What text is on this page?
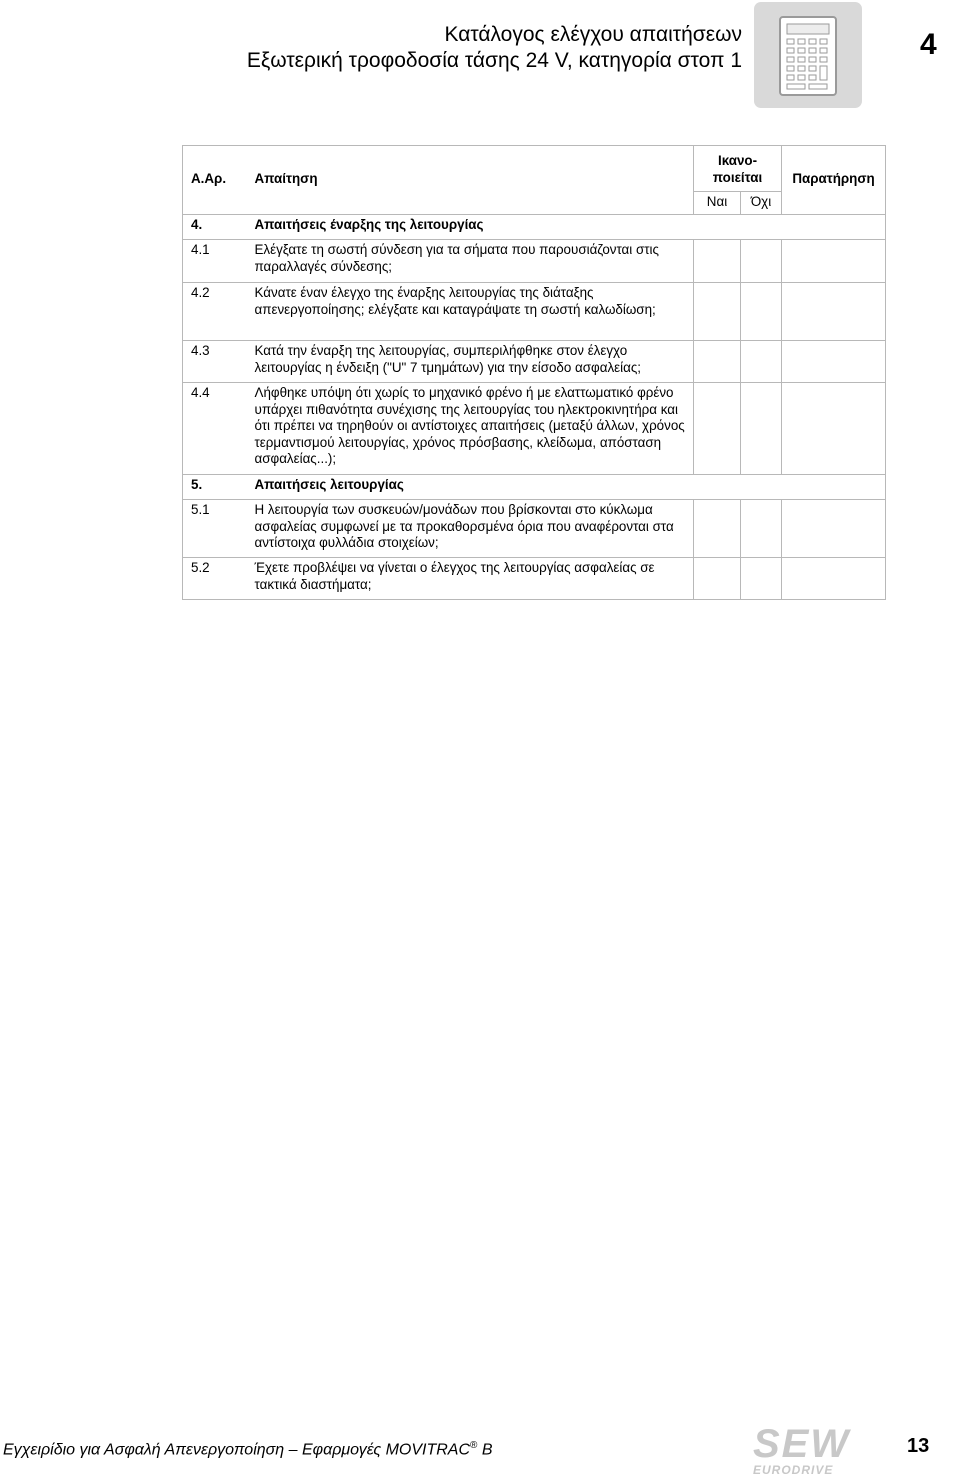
Κατάλογος ελέγχου απαιτήσεων
Εξωτερική τροφοδοσία τάσης 24 V, κατηγορία στοπ 1	4
A.Αρ.	Απαίτηση	Ικανο-ποιείται		Παρατήρηση
		Ναι	Όχι	
4.	Απαιτήσεις έναρξης της λειτουργίας			
4.1	Ελέγξατε τη σωστή σύνδεση για τα σήματα που παρουσιάζονται στις παραλλαγές σύνδεσης;			
4.2	Κάνατε έναν έλεγχο της έναρξης λειτουργίας της διάταξης απενεργοποίησης; ελέγξατε και καταγράψατε τη σωστή καλωδίωση;			
4.3	Κατά την έναρξη της λειτουργίας, συμπεριλήφθηκε στον έλεγχο λειτουργίας η ένδειξη ("U" 7 τμημάτων) για την είσοδο ασφαλείας;			
4.4	Λήφθηκε υπόψη ότι χωρίς το μηχανικό φρένο ή με ελαττωματικό φρένο υπάρχει πιθανότητα συνέχισης της λειτουργίας του ηλεκτροκινητήρα και ότι πρέπει να τηρηθούν οι αντίστοιχες απαιτήσεις (μεταξύ άλλων, χρόνος τερμαντισμού λειτουργίας, χρόνος πρόσβασης, κλείδωμα, απόσταση ασφαλείας...);			
5.	Απαιτήσεις λειτουργίας			
5.1	Η λειτουργία των συσκευών/μονάδων που βρίσκονται στο κύκλωμα ασφαλείας συμφωνεί με τα προκαθορσμένα όρια που αναφέρονται στα αντίστοιχα φυλλάδια στοιχείων;			
5.2	Έχετε προβλέψει να γίνεται ο έλεγχος της λειτουργίας ασφαλείας σε τακτικά διαστήματα;			
Εγχειρίδιο για Ασφαλή Απενεργοποίηση – Εφαρμογές MOVITRAC® B	SEW
EURODRIVE
13
